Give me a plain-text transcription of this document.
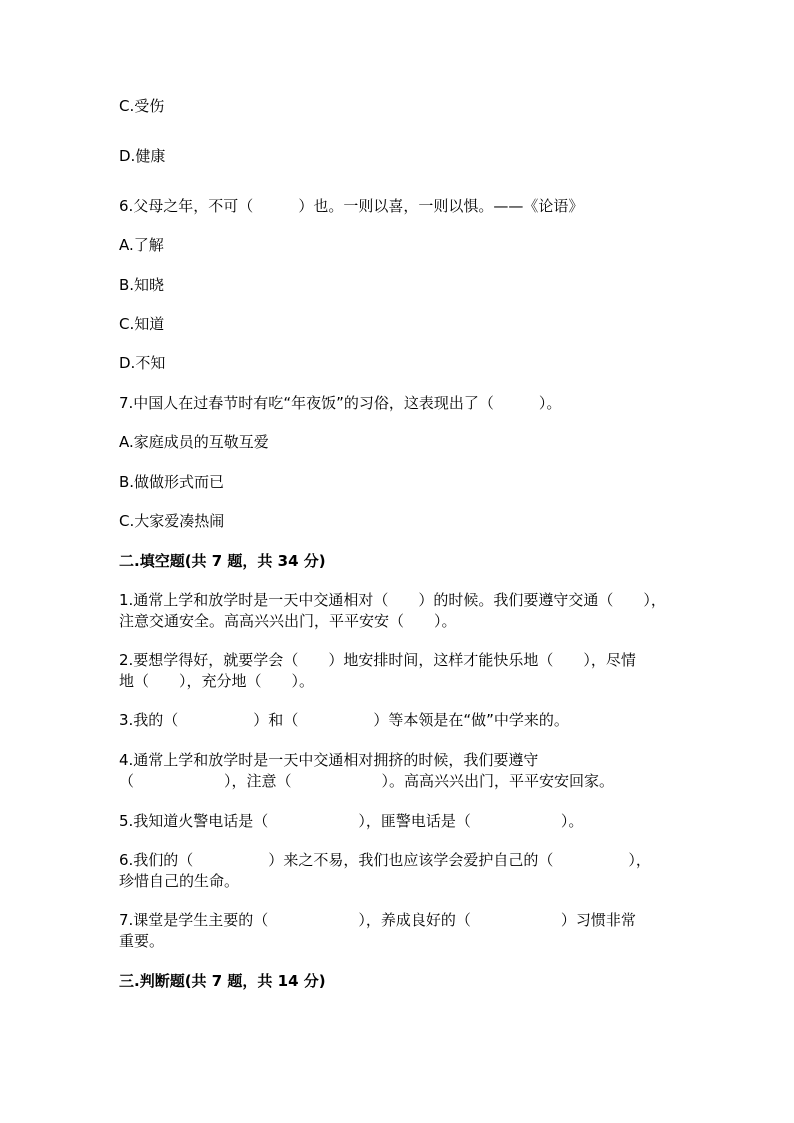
C.受伤
D.健康
6.父母之年，不可（　　　）也。一则以喜，一则以惧。——《论语》
A.了解
B.知晓
C.知道
D.不知
7.中国人在过春节时有吃“年夜饭”的习俗，这表现出了（　　　）。
A.家庭成员的互敬互爱
B.做做形式而已
C.大家爱凑热闹
二.填空题(共 7 题，共 34 分)
1.通常上学和放学时是一天中交通相对（　　）的时候。我们要遵守交通（　　），
注意交通安全。高高兴兴出门，平平安安（　　）。
2.要想学得好，就要学会（　　）地安排时间，这样才能快乐地（　　），尽情
地（　　），充分地（　　）。
3.我的（　　　　　）和（　　　　　）等本领是在“做”中学来的。
4.通常上学和放学时是一天中交通相对拥挤的时候，我们要遵守
（　　　　　　），注意（　　　　　　）。高高兴兴出门，平平安安回家。
5.我知道火警电话是（　　　　　　），匪警电话是（　　　　　　）。
6.我们的（　　　　　）来之不易，我们也应该学会爱护自己的（　　　　　），
珍惜自己的生命。
7.课堂是学生主要的（　　　　　　），养成良好的（　　　　　　）习惯非常
重要。
三.判断题(共 7 题，共 14 分)
